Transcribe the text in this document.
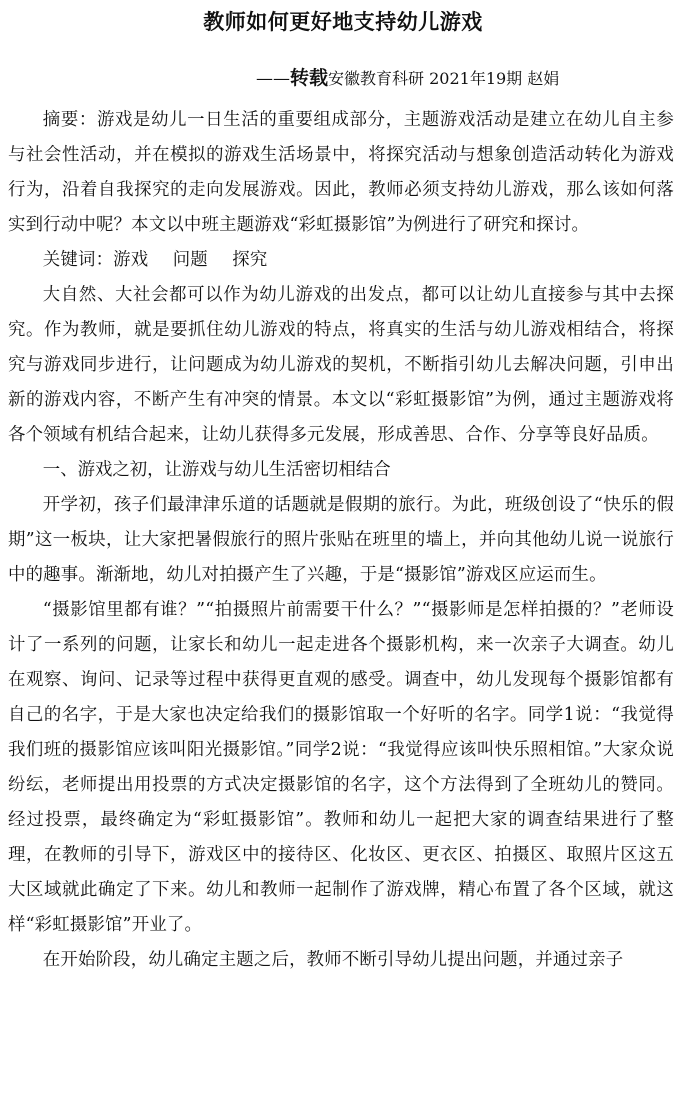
教师如何更好地支持幼儿游戏
——转载安徽教育科研 2021年19期 赵娟

摘要：游戏是幼儿一日生活的重要组成部分，主题游戏活动是建立在幼儿自主参与社会性活动，并在模拟的游戏生活场景中，将探究活动与想象创造活动转化为游戏行为，沿着自我探究的走向发展游戏。因此，教师必须支持幼儿游戏，那么该如何落实到行动中呢？本文以中班主题游戏“彩虹摄影馆”为例进行了研究和探讨。

关键词：游戏 问题 探究

大自然、大社会都可以作为幼儿游戏的出发点，都可以让幼儿直接参与其中去探究。作为教师，就是要抓住幼儿游戏的特点，将真实的生活与幼儿游戏相结合，将探究与游戏同步进行，让问题成为幼儿游戏的契机，不断指引幼儿去解决问题，引申出新的游戏内容，不断产生有冲突的情景。本文以“彩虹摄影馆”为例，通过主题游戏将各个领域有机结合起来，让幼儿获得多元发展，形成善思、合作、分享等良好品质。

一、游戏之初，让游戏与幼儿生活密切相结合

开学初，孩子们最津津乐道的话题就是假期的旅行。为此，班级创设了“快乐的假期”这一板块，让大家把暑假旅行的照片张贴在班里的墙上，并向其他幼儿说一说旅行中的趣事。渐渐地，幼儿对拍摄产生了兴趣，于是“摄影馆”游戏区应运而生。

“摄影馆里都有谁？”“拍摄照片前需要干什么？”“摄影师是怎样拍摄的？”老师设计了一系列的问题，让家长和幼儿一起走进各个摄影机构，来一次亲子大调查。幼儿在观察、询问、记录等过程中获得更直观的感受。调查中，幼儿发现每个摄影馆都有自己的名字，于是大家也决定给我们的摄影馆取一个好听的名字。同学1说：“我觉得我们班的摄影馆应该叫阳光摄影馆。”同学2说：“我觉得应该叫快乐照相馆。”大家众说纷纭，老师提出用投票的方式决定摄影馆的名字，这个方法得到了全班幼儿的赞同。经过投票，最终确定为“彩虹摄影馆”。教师和幼儿一起把大家的调查结果进行了整理，在教师的引导下，游戏区中的接待区、化妆区、更衣区、拍摄区、取照片区这五大区域就此确定了下来。幼儿和教师一起制作了游戏牌，精心布置了各个区域，就这样“彩虹摄影馆”开业了。

在开始阶段，幼儿确定主题之后，教师不断引导幼儿提出问题，并通过亲子
